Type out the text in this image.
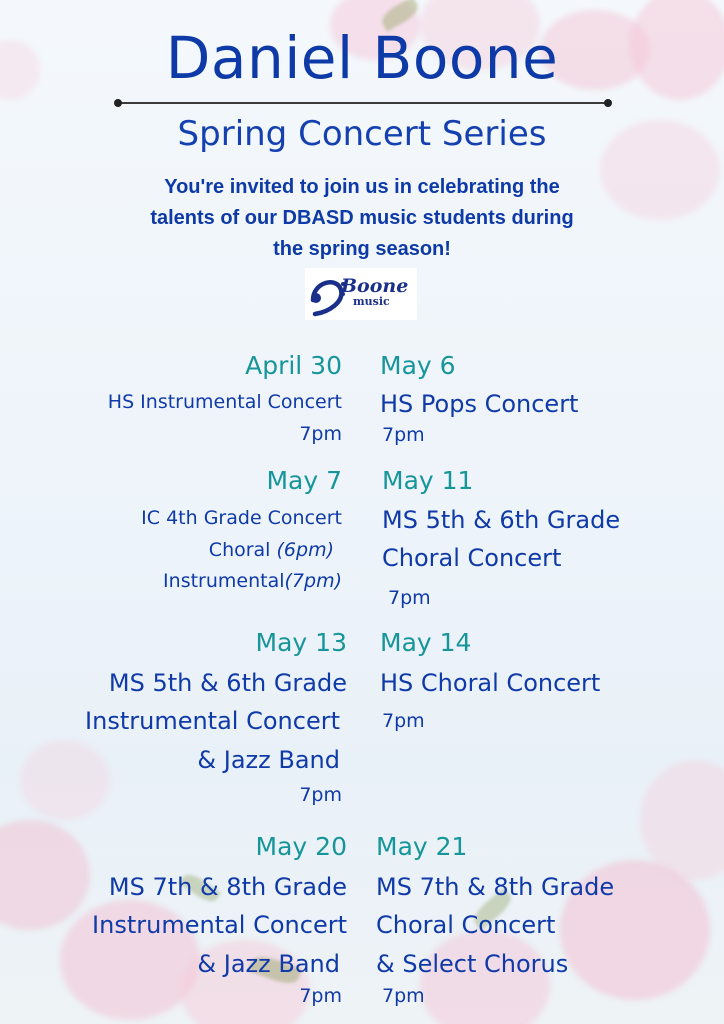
Daniel Boone
Spring Concert Series
You're invited to join us in celebrating the
talents of our DBASD music students during
the spring season!
Boone
music
April 30
HS Instrumental Concert
7pm
May 6
HS Pops Concert
7pm
May 7
IC 4th Grade Concert
Choral (6pm)
Instrumental(7pm)
May 11
MS 5th & 6th Grade
Choral Concert
7pm
May 13
MS 5th & 6th Grade
Instrumental Concert
& Jazz Band
7pm
May 14
HS Choral Concert
7pm
May 20
MS 7th & 8th Grade
Instrumental Concert
& Jazz Band
7pm
May 21
MS 7th & 8th Grade
Choral Concert
& Select Chorus
7pm
